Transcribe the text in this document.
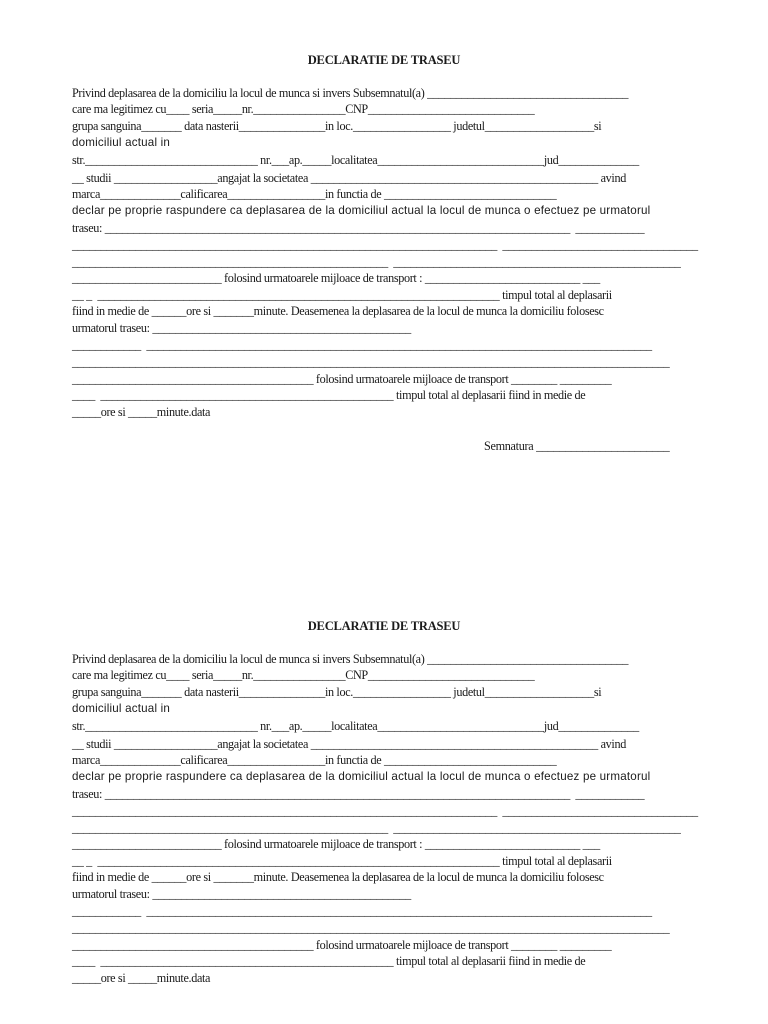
DECLARATIE DE TRASEU
Privind deplasarea de la domiciliu la locul de munca si invers Subsemnatul(a) ___________________________________
care ma legitimez cu____ seria_____nr.________________CNP_____________________________
grupa sanguina_______ data nasterii_______________in loc._________________ judetul___________________si
domiciliul actual in
str.______________________________ nr.___ap._____localitatea_____________________________jud______________
__ studii __________________angajat la societatea __________________________________________________ avind
marca______________calificarea_________________in functia de ______________________________
declar pe proprie raspundere ca deplasarea de la domiciliul actual la locul de munca o efectuez pe urmatorul
traseu: _________________________________________________________________________________  ____________
__________________________________________________________________________  __________________________________
_______________________________________________________  __________________________________________________
__________________________ folosind urmatoarele mijloace de transport : ___________________________ ___
__ _  ______________________________________________________________________ timpul total al deplasarii
fiind in medie de ______ore si _______minute. Deasemenea la deplasarea de la locul de munca la domiciliu folosesc
urmatorul traseu: _____________________________________________
____________  ________________________________________________________________________________________
________________________________________________________________________________________________________
__________________________________________ folosind urmatoarele mijloace de transport ________ _________
____  ___________________________________________________ timpul total al deplasarii fiind in medie de
_____ore si _____minute.data
Semnatura _______________________
DECLARATIE DE TRASEU
Privind deplasarea de la domiciliu la locul de munca si invers Subsemnatul(a) ___________________________________
care ma legitimez cu____ seria_____nr.________________CNP_____________________________
grupa sanguina_______ data nasterii_______________in loc._________________ judetul___________________si
domiciliul actual in
str.______________________________ nr.___ap._____localitatea_____________________________jud______________
__ studii __________________angajat la societatea __________________________________________________ avind
marca______________calificarea_________________in functia de ______________________________
declar pe proprie raspundere ca deplasarea de la domiciliul actual la locul de munca o efectuez pe urmatorul
traseu: _________________________________________________________________________________  ____________
__________________________________________________________________________  __________________________________
_______________________________________________________  __________________________________________________
__________________________ folosind urmatoarele mijloace de transport : ___________________________ ___
__ _  ______________________________________________________________________ timpul total al deplasarii
fiind in medie de ______ore si _______minute. Deasemenea la deplasarea de la locul de munca la domiciliu folosesc
urmatorul traseu: _____________________________________________
____________  ________________________________________________________________________________________
________________________________________________________________________________________________________
__________________________________________ folosind urmatoarele mijloace de transport ________ _________
____  ___________________________________________________ timpul total al deplasarii fiind in medie de
_____ore si _____minute.data
